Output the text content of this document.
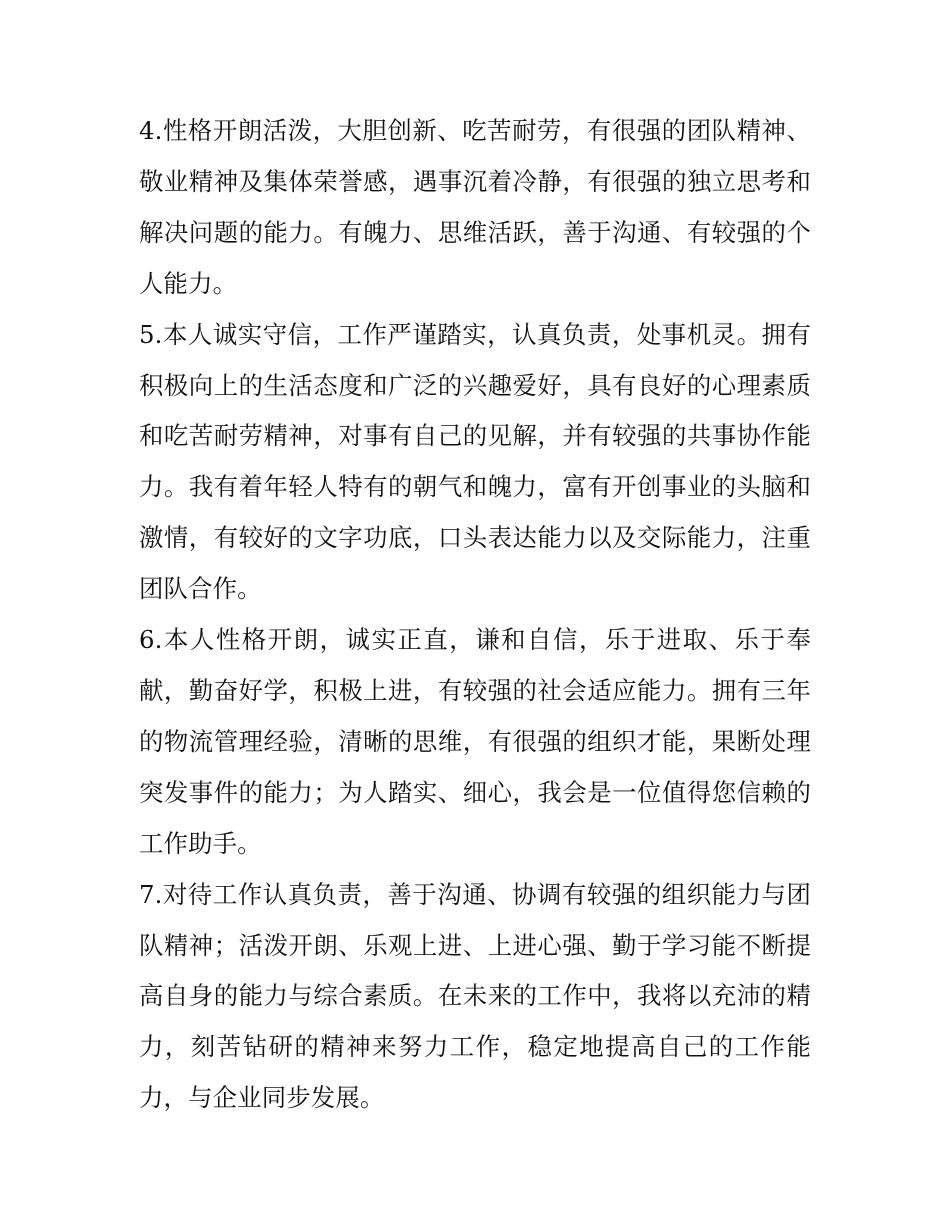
4.性格开朗活泼，大胆创新、吃苦耐劳，有很强的团队精神、敬业精神及集体荣誉感，遇事沉着冷静，有很强的独立思考和解决问题的能力。有魄力、思维活跃，善于沟通、有较强的个人能力。

5.本人诚实守信，工作严谨踏实，认真负责，处事机灵。拥有积极向上的生活态度和广泛的兴趣爱好，具有良好的心理素质和吃苦耐劳精神，对事有自己的见解，并有较强的共事协作能力。我有着年轻人特有的朝气和魄力，富有开创事业的头脑和激情，有较好的文字功底，口头表达能力以及交际能力，注重团队合作。

6.本人性格开朗，诚实正直，谦和自信，乐于进取、乐于奉献，勤奋好学，积极上进，有较强的社会适应能力。拥有三年的物流管理经验，清晰的思维，有很强的组织才能，果断处理突发事件的能力；为人踏实、细心，我会是一位值得您信赖的工作助手。

7.对待工作认真负责，善于沟通、协调有较强的组织能力与团队精神；活泼开朗、乐观上进、上进心强、勤于学习能不断提高自身的能力与综合素质。在未来的工作中，我将以充沛的精力，刻苦钻研的精神来努力工作，稳定地提高自己的工作能力，与企业同步发展。
